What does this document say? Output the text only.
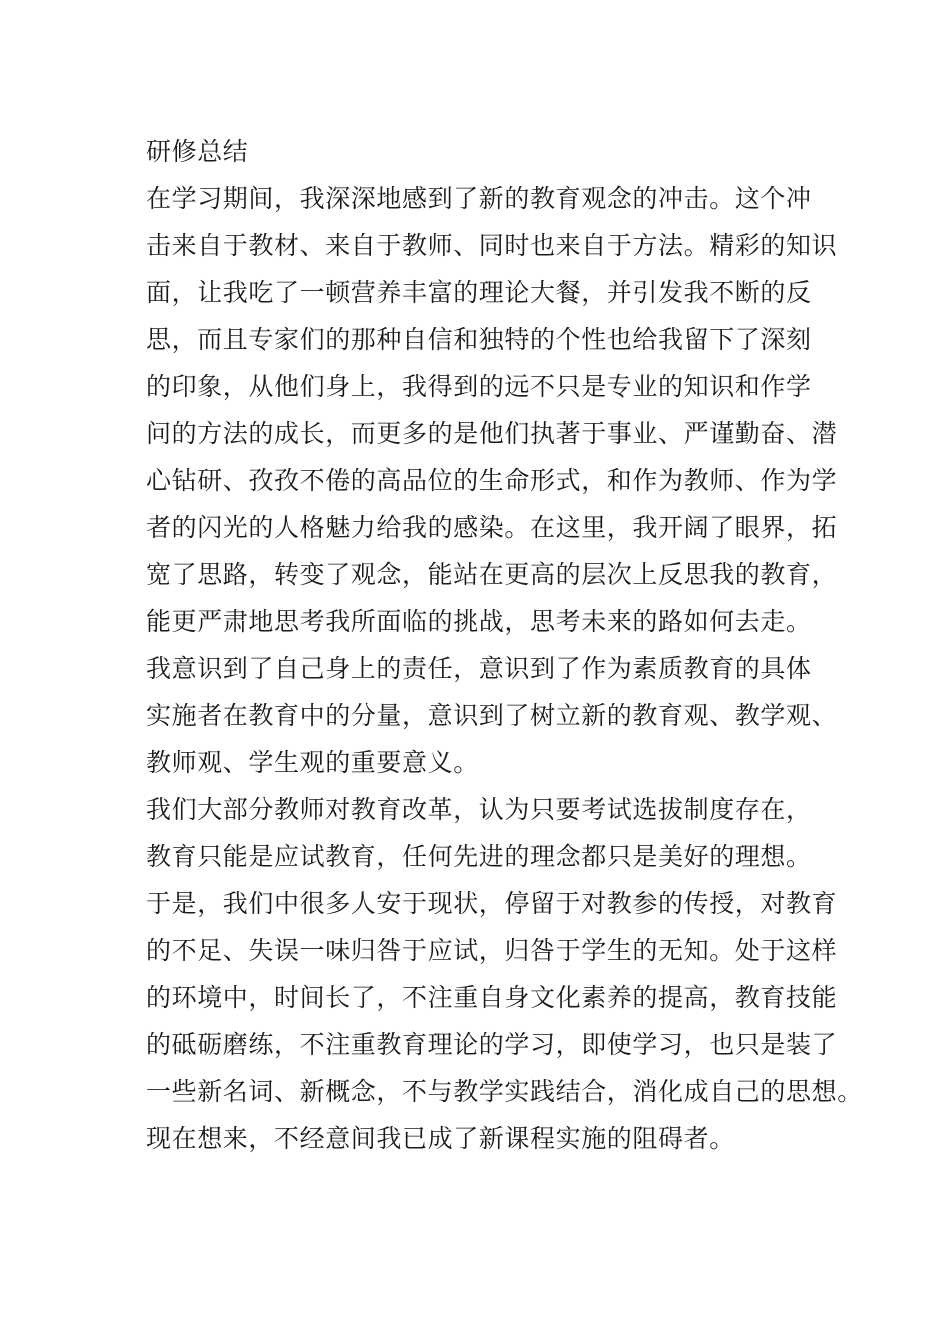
研修总结
在学习期间，我深深地感到了新的教育观念的冲击。这个冲
击来自于教材、来自于教师、同时也来自于方法。精彩的知识
面，让我吃了一顿营养丰富的理论大餐，并引发我不断的反
思，而且专家们的那种自信和独特的个性也给我留下了深刻
的印象，从他们身上，我得到的远不只是专业的知识和作学
问的方法的成长，而更多的是他们执著于事业、严谨勤奋、潜
心钻研、孜孜不倦的高品位的生命形式，和作为教师、作为学
者的闪光的人格魅力给我的感染。在这里，我开阔了眼界，拓
宽了思路，转变了观念，能站在更高的层次上反思我的教育，
能更严肃地思考我所面临的挑战，思考未来的路如何去走。
我意识到了自己身上的责任，意识到了作为素质教育的具体
实施者在教育中的分量，意识到了树立新的教育观、教学观、
教师观、学生观的重要意义。
我们大部分教师对教育改革，认为只要考试选拔制度存在，
教育只能是应试教育，任何先进的理念都只是美好的理想。
于是，我们中很多人安于现状，停留于对教参的传授，对教育
的不足、失误一味归咎于应试，归咎于学生的无知。处于这样
的环境中，时间长了，不注重自身文化素养的提高，教育技能
的砥砺磨练，不注重教育理论的学习，即使学习，也只是装了
一些新名词、新概念，不与教学实践结合，消化成自己的思想。
现在想来，不经意间我已成了新课程实施的阻碍者。
